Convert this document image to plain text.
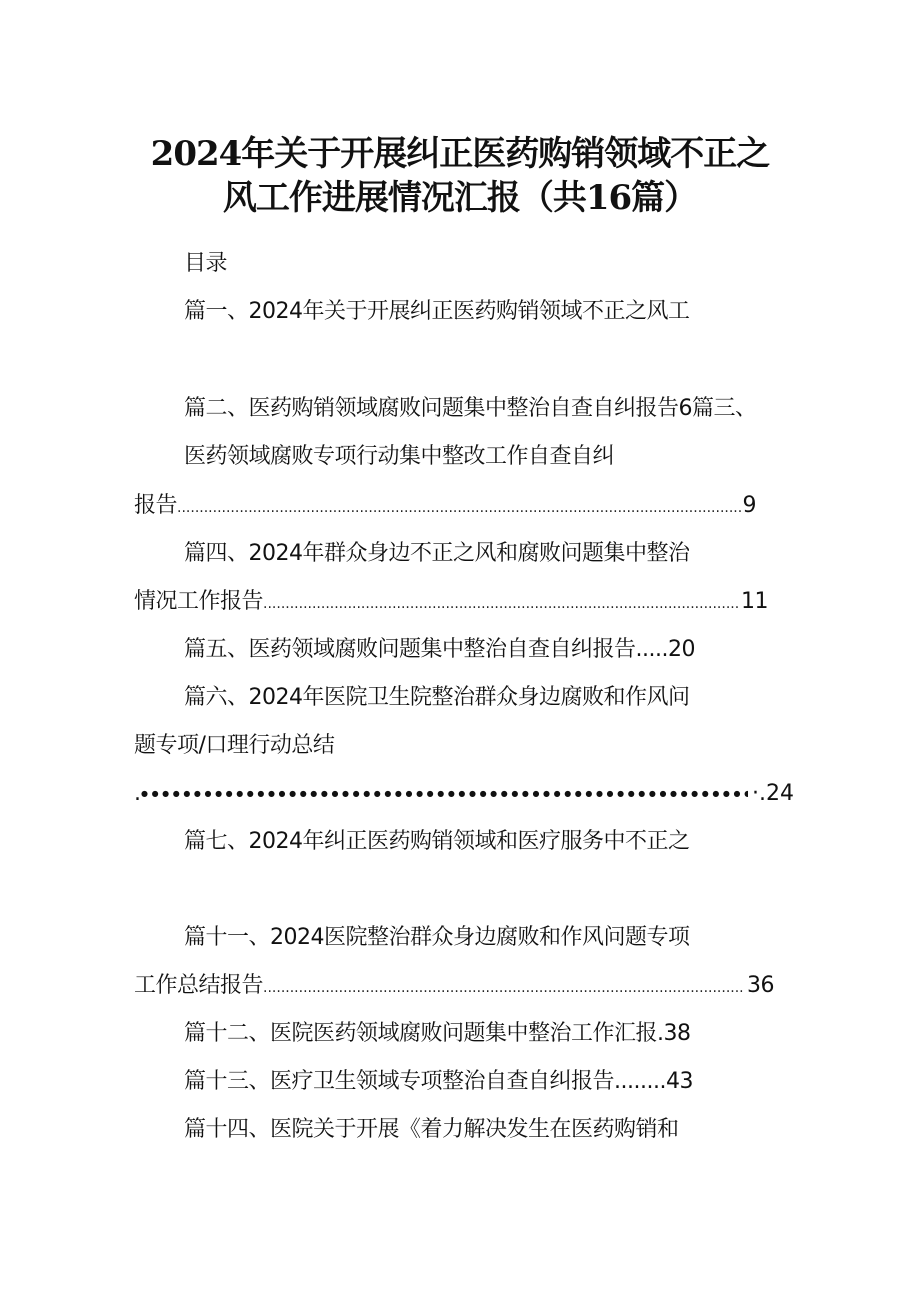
2024年关于开展纠正医药购销领域不正之
风工作进展情况汇报（共16篇）
目录
篇一、2024年关于开展纠正医药购销领域不正之风工
篇二、医药购销领域腐败问题集中整治自查自纠报告6篇三、
医药领域腐败专项行动集中整改工作自查自纠
报告 .....	9
篇四、2024年群众身边不正之风和腐败问题集中整治
情况工作报告 .....	11
篇五、医药领域腐败问题集中整治自查自纠报告.....20
篇六、2024年医院卫生院整治群众身边腐败和作风问
题专项/口理行动总结
. ●●●●●●●●●●●●●●●●●●●●●●●●●●●●●●●●●●●●●●●●●●●●●●●●●●●●●●●●●●●●●●●●●●●●●●	·.24
篇七、2024年纠正医药购销领域和医疗服务中不正之
篇十一、2024医院整治群众身边腐败和作风问题专项
工作总结报告 .....	36
篇十二、医院医药领域腐败问题集中整治工作汇报.38
篇十三、医疗卫生领域专项整治自查自纠报告........43
篇十四、医院关于开展《着力解决发生在医药购销和
